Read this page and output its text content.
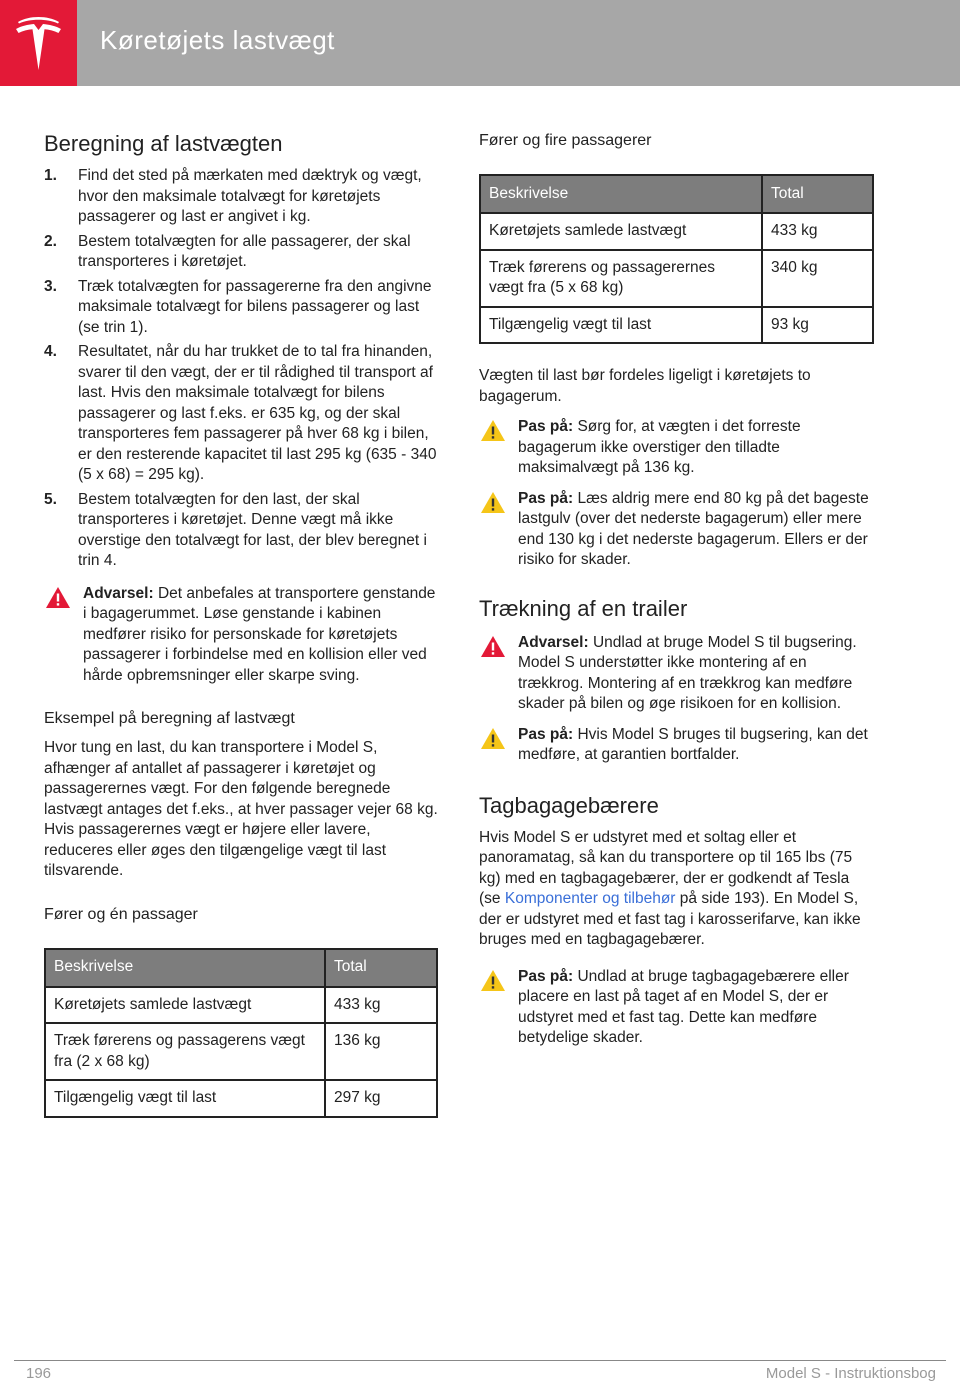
Køretøjets lastvægt
Beregning af lastvægten
1. Find det sted på mærkaten med dæktryk og vægt, hvor den maksimale totalvægt for køretøjets passagerer og last er angivet i kg.
2. Bestem totalvægten for alle passagerer, der skal transporteres i køretøjet.
3. Træk totalvægten for passagererne fra den angivne maksimale totalvægt for bilens passagerer og last (se trin 1).
4. Resultatet, når du har trukket de to tal fra hinanden, svarer til den vægt, der er til rådighed til transport af last. Hvis den maksimale totalvægt for bilens passagerer og last f.eks. er 635 kg, og der skal transporteres fem passagerer på hver 68 kg i bilen, er den resterende kapacitet til last 295 kg (635 - 340 (5 x 68) = 295 kg).
5. Bestem totalvægten for den last, der skal transporteres i køretøjet. Denne vægt må ikke overstige den totalvægt for last, der blev beregnet i trin 4.
Advarsel: Det anbefales at transportere genstande i bagagerummet. Løse genstande i kabinen medfører risiko for personskade for køretøjets passagerer i forbindelse med en kollision eller ved hårde opbremsninger eller skarpe sving.
Eksempel på beregning af lastvægt

Hvor tung en last, du kan transportere i Model S, afhænger af antallet af passagerer i køretøjet og passagerernes vægt. For den følgende beregnede lastvægt antages det f.eks., at hver passager vejer 68 kg. Hvis passagerernes vægt er højere eller lavere, reduceres eller øges den tilgængelige vægt til last tilsvarende.

Fører og én passager
Beskrivelse	Total
Køretøjets samlede lastvægt	433 kg
Træk førerens og passagerens vægt fra (2 x 68 kg)	136 kg
Tilgængelig vægt til last	297 kg
Fører og fire passagerer
Beskrivelse	Total
Køretøjets samlede lastvægt	433 kg
Træk førerens og passagerernes vægt fra (5 x 68 kg)	340 kg
Tilgængelig vægt til last	93 kg

Vægten til last bør fordeles ligeligt i køretøjets to bagagerum.

Pas på: Sørg for, at vægten i det forreste bagagerum ikke overstiger den tilladte maksimalvægt på 136 kg.
Pas på: Læs aldrig mere end 80 kg på det bageste lastgulv (over det nederste bagagerum) eller mere end 130 kg i det nederste bagagerum. Ellers er der risiko for skader.
Trækning af en trailer
Advarsel: Undlad at bruge Model S til bugsering. Model S understøtter ikke montering af en trækkrog. Montering af en trækkrog kan medføre skader på bilen og øge risikoen for en kollision.
Pas på: Hvis Model S bruges til bugsering, kan det medføre, at garantien bortfalder.
Tagbagagebærere

Hvis Model S er udstyret med et soltag eller et panoramatag, så kan du transportere op til 165 lbs (75 kg) med en tagbagagebærer, der er godkendt af Tesla (se Komponenter og tilbehør på side 193). En Model S, der er udstyret med et fast tag i karosserifarve, kan ikke bruges med en tagbagagebærer.

Pas på: Undlad at bruge tagbagagebærere eller placere en last på taget af en Model S, der er udstyret med et fast tag. Dette kan medføre betydelige skader.
196	Model S - Instruktionsbog
